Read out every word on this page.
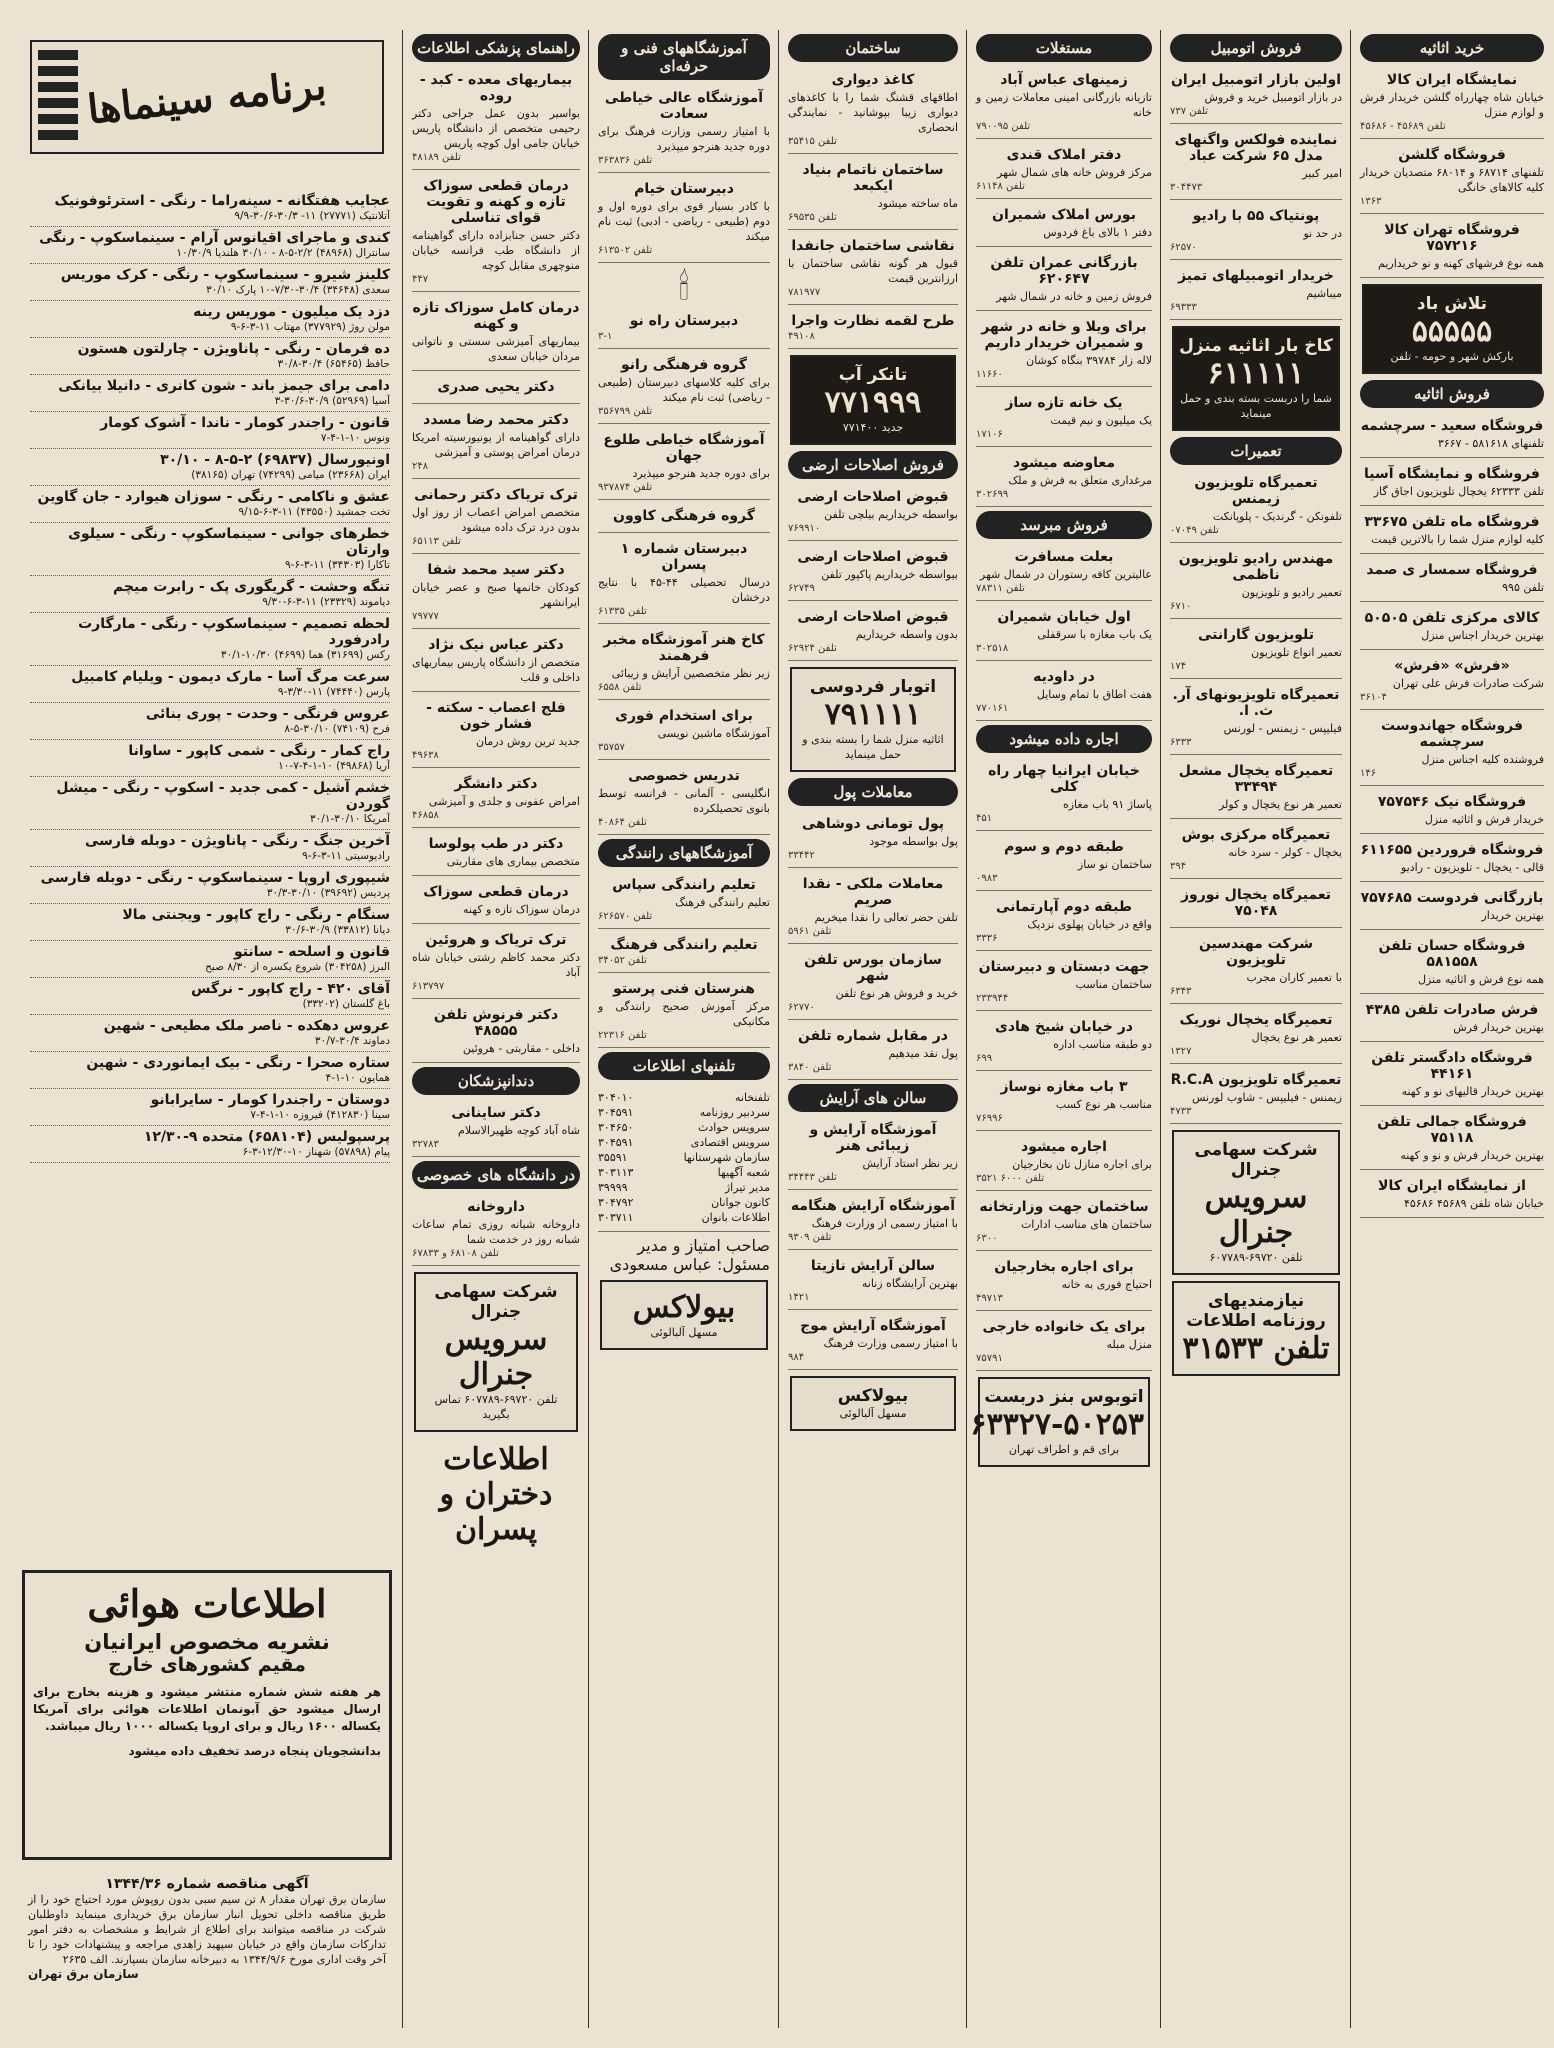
برنامه سینماها
عجایب هفتگانه - سینه‌راما - رنگی - استرئوفونیک
آتلانتیک (۲۷۷۷۱) ۱۱- ۳۰/۳-۳۰/۶-۹/۹
کندی و ماجرای اقیانوس آرام - سینماسکوپ - رنگی
سانترال (۴۸۹۶۸) ۲/۲-۵-۸ - ۳۰/۱۰ هلندیا ۱۰/۳۰/۹
کلینز شیرو - سینماسکوپ - رنگی - کرک موریس
سعدی (۳۴۶۴۸) ۳۰/۴-۷/۳۰-۱۰ پارک ۳۰/۱۰
دزد یک میلیون - موریس رینه
مولن روژ (۳۷۷۹۲۹) مهتاب ۱۱-۳-۶-۹
ده فرمان - رنگی - پاناویژن - چارلتون هستون
حافظ (۶۵۴۶۵) ۳۰/۴-۳۰/۸
دامی برای جیمز باند - شون کانری - دانیلا بیانکی
آسیا (۵۲۹۶۹) ۳۰/۹-۳۰/۶-۳
قانون - راجندر کومار - ناندا - آشوک کومار
ونوس ۱۰-۱-۴-۷
اونیورسال (۶۹۸۳۷) ۲-۵-۸ - ۳۰/۱۰
ایران (۲۳۶۶۸) میامی (۷۴۲۹۹) تهران (۳۸۱۶۵)
عشق و ناکامی - رنگی - سوزان هیوارد - جان گاوین
تخت جمشید (۴۳۵۵۰) ۱۱-۳-۶-۹/۱۵
خطرهای جوانی - سینماسکوپ - رنگی - سیلوی وارتان
تاکارا (۳۴۳۰۳) ۱۱-۳-۶-۹
تنگه وحشت - گریگوری پک - رابرت میچم
دیاموند (۲۳۳۲۹) ۱۱-۳-۶-۹/۳۰
لحظه تصمیم - سینماسکوپ - رنگی - مارگارت رادرفورد
رکس (۳۱۶۹۹) هما (۴۶۹۹) ۱۰/۳۰-۳۰/۱
سرعت مرگ آسا - مارک دیمون - ویلیام کامبیل
پارس (۷۴۴۴۰) ۱۱-۳/۳۰-۹
عروس فرنگی - وحدت - پوری بنائی
فرح (۷۴۱۰۹) ۳۰/۱۰-۵-۸
راج کمار - رنگی - شمی کاپور - ساوانا
آریا (۴۹۸۶۸) ۱۰-۱-۴-۷-۱۰
خشم آشیل - کمی جدید - اسکوپ - رنگی - میشل گوردن
آمریکا ۳۰/۱۰-۳۰/۱
آخرین جنگ - رنگی - پاناویژن - دوبله فارسی
رادیوسیتی ۱۱-۳-۶-۹
شیپوری اروپا - سینماسکوپ - رنگی - دوبله فارسی
پردیس (۳۹۶۹۲) ۳۰/۱۰-۳۰/۳
سنگام - رنگی - راج کاپور - ویجنتی مالا
دیانا (۳۳۸۱۲) ۳۰/۹-۳۰/۶
قانون و اسلحه - سانتو
البرز (۳۰۴۲۵۸) شروع یکسره از ۸/۳۰ صبح
آقای ۴۲۰ - راج کاپور - نرگس
باغ گلستان (۳۳۲۰۲)
عروس دهکده - ناصر ملک مطیعی - شهین
دماوند ۳۰/۴-۳۰/۷
ستاره صحرا - رنگی - بیک ایمانوردی - شهین
همایون ۱۰-۱-۴
دوستان - راجندرا کومار - سایرابانو
سینا (۴۱۲۸۳۰) فیروزه ۱۰-۱-۴-۷
پرسپولیس (۶۵۸۱۰۴) متحده ۹-۱۲/۳۰
پیام (۵۷۸۹۸) شهناز ۱۰-۱۲/۳۰-۳-۶
اطلاعات هوائی
نشریه مخصوص ایرانیان
مقیم کشورهای خارج
هر هفته شش شماره منتشر میشود و هزینه بخارج برای ارسال میشود حق آبونمان اطلاعات هوائی برای آمریکا یکساله ۱۶۰۰ ریال و برای اروپا یکساله ۱۰۰۰ ریال میباشد.
بدانشجویان پنجاه درصد تخفیف داده میشود
آگهی مناقصه شماره ۱۳۴۴/۳۶
سازمان برق تهران مقدار ۸ تن سیم سبی بدون روپوش مورد احتیاج خود را از طریق مناقصه داخلی تحویل انبار سازمان برق خریداری مینماید داوطلبان شرکت در مناقصه میتوانند برای اطلاع از شرایط و مشخصات به دفتر امور تدارکات سازمان واقع در خیابان سپهبد زاهدی مراجعه و پیشنهادات خود را تا آخر وقت اداری مورخ ۱۳۴۴/۹/۶ به دبیرخانه سازمان بسپارند. الف ۲۶۳۵
سازمان برق تهران
راهنمای پزشکی اطلاعات
بیماریهای معده - کبد - روده
بواسیر بدون عمل جراحی دکتر رحیمی متخصص از دانشگاه پاریس خیابان جامی اول کوچه پاریس
تلفن ۴۸۱۸۹
درمان قطعی سوزاک تازه و کهنه و تقویت قوای تناسلی
دکتر حسن جنابزاده دارای گواهینامه از دانشگاه طب فرانسه خیابان منوچهری مقابل کوچه
۴۴۷
درمان کامل سوزاک تازه و کهنه
بیماریهای آمیزشی سستی و ناتوانی مردان خیابان سعدی
دکتر یحیی صدری
دکتر محمد رضا مسدد
دارای گواهینامه از یونیورسیته امریکا درمان امراض پوستی و آمیزشی
۲۴۸
ترک تریاک دکتر رحمانی
متخصص امراض اعصاب از روز اول بدون درد ترک داده میشود
تلفن ۶۵۱۱۳
دکتر سید محمد شفا
کودکان خانمها صبح و عصر خیابان ایرانشهر
۷۹۷۷۷
دکتر عباس نیک نژاد
متخصص از دانشگاه پاریس بیماریهای داخلی و قلب
فلج اعصاب - سکته - فشار خون
جدید ترین روش درمان
۴۹۶۳۸
دکتر دانشگر
امراض عفونی و جلدی و آمیزشی
۴۶۸۵۸
دکتر در طب پولوسا
متخصص بیماری های مقاربتی
درمان قطعی سوزاک
درمان سوزاک تازه و کهنه
ترک تریاک و هروئین
دکتر محمد کاظم رشتی خیابان شاه آباد
۶۱۳۷۹۷
دکتر فرنوش تلفن ۴۸۵۵۵
داخلی - مقاربتی - هروئین
دندانپزشکان
دکتر ساینانی
شاه آباد کوچه ظهیرالاسلام
۳۲۷۸۳
در دانشگاه های خصوصی
داروخانه
داروخانه شبانه روزی تمام ساعات شبانه روز در خدمت شما
تلفن ۶۸۱۰۸ و ۶۷۸۳۳
شرکت سهامی جنرال
سرویس جنرال
تلفن ۶۹۷۲۰-۶۰۷۷۸۹ تماس بگیرید
اطلاعات دختران و پسران
آموزشگاههای فنی و حرفه‌ای
آموزشگاه عالی خیاطی سعادت
با امتیاز رسمی وزارت فرهنگ برای دوره جدید هنرجو میپذیرد
تلفن ۳۶۳۸۳۶
دبیرستان خیام
با کادر بسیار قوی برای دوره اول و دوم (طبیعی - ریاضی - ادبی) ثبت نام میکند
تلفن ۶۱۳۵۰۲
🕯
دبیرستان راه نو
۳-۱
گروه فرهنگی رانو
برای کلیه کلاسهای دبیرستان (طبیعی - ریاضی) ثبت نام میکند
تلفن ۳۵۶۷۹۹
آموزشگاه خیاطی طلوع جهان
برای دوره جدید هنرجو میپذیرد
تلفن ۹۳۷۸۷۴
گروه فرهنگی کاوون
دبیرستان شماره ۱ پسران
درسال تحصیلی ۴۴-۴۵ با نتایج درخشان
تلفن ۶۱۳۳۵
کاخ هنر آموزشگاه مخبر فرهمند
زیر نظر متخصصین آرایش و زیبائی
تلفن ۶۵۵۸
برای استخدام فوری
آموزشگاه ماشین نویسی
۳۵۷۵۷
تدریس خصوصی
انگلیسی - آلمانی - فرانسه توسط بانوی تحصیلکرده
تلفن ۴۰۸۶۴
آموزشگاههای رانندگی
تعلیم رانندگی سپاس
تعلیم رانندگی فرهنگ
تلفن ۶۲۶۵۷۰
تعلیم رانندگی فرهنگ
تلفن ۳۴۰۵۲
هنرستان فنی پرستو
مرکز آموزش صحیح رانندگی و مکانیکی
تلفن ۲۲۳۱۶
تلفنهای اطلاعات
تلفنخانه
۳۰۴۰۱۰
سردبیر روزنامه
۳۰۴۵۹۱
سرویس حوادث
۳۰۴۶۵۰
سرویس اقتصادی
۳۰۴۵۹۱
سازمان شهرستانها
۳۵۵۹۱
شعبه آگهیها
۳۰۳۱۱۳
مدیر تیراژ
۳۹۹۹۹
کانون جوانان
۳۰۴۷۹۲
اطلاعات بانوان
۳۰۳۷۱۱
صاحب امتیاز و مدیر مسئول: عباس مسعودی
بیولاکس
مسهل آلبالوئی
ساختمان
کاغذ دیواری
اطاقهای قشنگ شما را با کاغذهای دیواری زیبا بپوشانید - نمایندگی انحصاری
تلفن ۳۵۴۱۵
ساختمان ناتمام بنیاد ایکبعد
ماه ساخته میشود
تلفن ۶۹۵۳۵
نقاشی ساختمان جانفدا
قبول هر گونه نقاشی ساختمان با ارزانترین قیمت
۷۸۱۹۷۷
طرح لقمه نظارت واجرا
۴۹۱۰۸
تانکر آب
۷۷۱۹۹۹
جدید ۷۷۱۴۰۰
فروش اصلاحات ارضی
قبوض اصلاحات ارضی
بواسطه خریداریم بیلچی تلفن
۷۶۹۹۱۰
قبوض اصلاحات ارضی
بیواسطه خریداریم پاکپور تلفن
۶۲۷۴۹
قبوض اصلاحات ارضی
بدون واسطه خریداریم
تلفن ۶۲۹۲۴
اتوبار فردوسی
۷۹۱۱۱۱
اثاثیه منزل شما را بسته بندی و حمل مینماید
معاملات پول
پول تومانی دوشاهی
پول بواسطه موجود
۳۳۴۴۲
معاملات ملکی - نقدا صریم
تلفن حضر تعالی را نقدا میخریم
تلفن ۵۹۶۱
سازمان بورس تلفن شهر
خرید و فروش هر نوع تلفن
۶۲۷۷۰
در مقابل شماره تلفن
پول نقد میدهیم
تلفن ۳۸۴۰
سالن های آرایش
آموزشگاه آرایش و زیبائی هنر
زیر نظر استاد آرایش
تلفن ۳۴۴۴۳
آموزشگاه آرایش هنگامه
با امتیاز رسمی از وزارت فرهنگ
تلفن ۹۳۰۹
سالن آرایش نازیتا
بهترین آرایشگاه زنانه
۱۴۲۱
آموزشگاه آرایش موج
با امتیاز رسمی وزارت فرهنگ
۹۸۴
بیولاکس
مسهل آلبالوئی
مستغلات
زمینهای عباس آباد
تازیانه بازرگانی امینی معاملات زمین و خانه
تلفن ۷۹۰۰۹۵
دفتر املاک قندی
مرکز فروش خانه های شمال شهر
تلفن ۶۱۱۴۸
بورس املاک شمیران
دفتر ۱ بالای باغ فردوس
بازرگانی عمران تلفن ۶۲۰۶۴۷
فروش زمین و خانه در شمال شهر
برای ویلا و خانه در شهر و شمیران خریدار داریم
لاله زار ۳۹۷۸۴ بنگاه کوشان
۱۱۶۶۰
یک خانه تازه ساز
یک میلیون و نیم قیمت
۱۷۱۰۶
معاوضه میشود
مرغداری متعلق به فرش و ملک
۳۰۲۶۹۹
فروش مبرسد
بعلت مسافرت
عالیترین کافه رستوران در شمال شهر
تلفن ۷۸۳۱۱
اول خیابان شمیران
یک باب مغازه با سرقفلی
۳۰۲۵۱۸
در داودیه
هفت اطاق با تمام وسایل
۷۷۰۱۶۱
اجاره داده میشود
خیابان ایرانیا چهار راه کلی
پاساژ ۹۱ باب مغازه
۴۵۱
طبقه دوم و سوم
ساختمان نو ساز
۰۹۸۳
طبقه دوم آپارتمانی
واقع در خیابان پهلوی نزدیک
۳۳۳۶
جهت دبستان و دبیرستان
ساختمان مناسب
۲۳۳۹۴۴
در خیابان شیخ هادی
دو طبقه مناسب اداره
۶۹۹
۳ باب مغازه نوساز
مناسب هر نوع کسب
۷۶۹۹۶
اجاره میشود
برای اجاره منازل تان بخارجیان
تلفن ۶۰۰۰ ۳۵۲۱
ساختمان جهت وزارتخانه
ساختمان های مناسب ادارات
۶۳۰۰
برای اجاره بخارجیان
احتیاج فوری به خانه
۴۹۷۱۳
برای یک خانواده خارجی
منزل مبله
۷۵۷۹۱
اتوبوس بنز دربست
۶۳۳۲۷-۵۰۲۵۳
برای قم و اطراف تهران
فروش اتومبیل
اولین بازار اتومبیل ایران
در بازار اتومبیل خرید و فروش
تلفن ۷۳۷
نماینده فولکس واگنهای مدل ۶۵ شرکت عباد
امیر کبیر
۳۰۴۴۷۳
پونتیاک ۵۵ با رادیو
در حد نو
۶۲۵۷۰
خریدار اتومبیلهای تمیز
میباشیم
۶۹۳۳۳
کاخ بار اثاثیه منزل
۶۱۱۱۱۱
شما را دربست بسته بندی و حمل مینماید
تعمیرات
تعمیرگاه تلویزیون زیمنس
تلفونکن - گرندیک - پلوپانکت
تلفن ۰۷۰۴۹
مهندس رادیو تلویزیون ناظمی
تعمیر رادیو و تلویزیون
۶۷۱۰
تلویزیون گارانتی
تعمیر انواع تلویزیون
۱۷۴
تعمیرگاه تلویزیونهای آر. ث. ا.
فیلیپس - زیمنس - لورنس
۶۳۳۳
تعمیرگاه یخچال مشعل ۳۳۴۹۴
تعمیر هر نوع یخچال و کولر
تعمیرگاه مرکزی بوش
یخچال - کولر - سرد خانه
۳۹۴
تعمیرگاه یخچال نوروز ۷۵۰۴۸
شرکت مهندسین تلویزیون
با تعمیر کاران مجرب
۶۳۴۳
تعمیرگاه یخچال نوریک
تعمیر هر نوع یخچال
۱۳۲۷
تعمیرگاه تلویزیون R.C.A
زیمنس - فیلیپس - شاوب لورنس
۴۷۳۳
شرکت سهامی جنرال
سرویس جنرال
تلفن ۶۹۷۲۰-۶۰۷۷۸۹
نیازمندیهای روزنامه اطلاعات
تلفن ۳۱۵۳۳
خرید اثاثیه
نمایشگاه ایران کالا
خیابان شاه چهارراه گلشن خریدار فرش و لوازم منزل
تلفن ۴۵۶۸۹ - ۴۵۶۸۶
فروشگاه گلشن
تلفنهای ۶۸۷۱۴ و ۶۸۰۱۴ متصدیان خریدار کلیه کالاهای خانگی
۱۳۶۳
فروشگاه تهران کالا ۷۵۷۲۱۶
همه نوع فرشهای کهنه و نو خریداریم
تلاش باد
۵۵۵۵۵
بارکش شهر و حومه - تلفن
فروش اثاثیه
فروشگاه سعید - سرچشمه
تلفنهای ۵۸۱۶۱۸ - ۳۶۶۷
فروشگاه و نمایشگاه آسیا
تلفن ۶۲۳۳۳ یخچال تلویزیون اجاق گاز
فروشگاه ماه تلفن ۳۳۶۷۵
کلیه لوازم منزل شما را بالاترین قیمت
فروشگاه سمسار ی صمد
تلفن ۹۹۵
کالای مرکزی تلفن ۵۰۵۰۵
بهترین خریدار اجناس منزل
«فرش» «فرش»
شرکت صادرات فرش علی تهران
۳۶۱۰۴
فروشگاه جهاندوست سرچشمه
فروشنده کلیه اجناس منزل
۱۴۶
فروشگاه نیک ۷۵۷۵۴۶
خریدار فرش و اثاثیه منزل
فروشگاه فروردین ۶۱۱۶۵۵
قالی - یخچال - تلویزیون - رادیو
بازرگانی فردوست ۷۵۷۶۸۵
بهترین خریدار
فروشگاه حسان تلفن ۵۸۱۵۵۸
همه نوع فرش و اثاثیه منزل
فرش صادرات تلفن ۴۳۸۵
بهترین خریدار فرش
فروشگاه دادگستر تلفن ۴۴۱۶۱
بهترین خریدار قالیهای نو و کهنه
فروشگاه جمالی تلفن ۷۵۱۱۸
بهترین خریدار فرش و نو و کهنه
از نمایشگاه ایران کالا
خیابان شاه تلفن ۴۵۶۸۹ ۴۵۶۸۶
